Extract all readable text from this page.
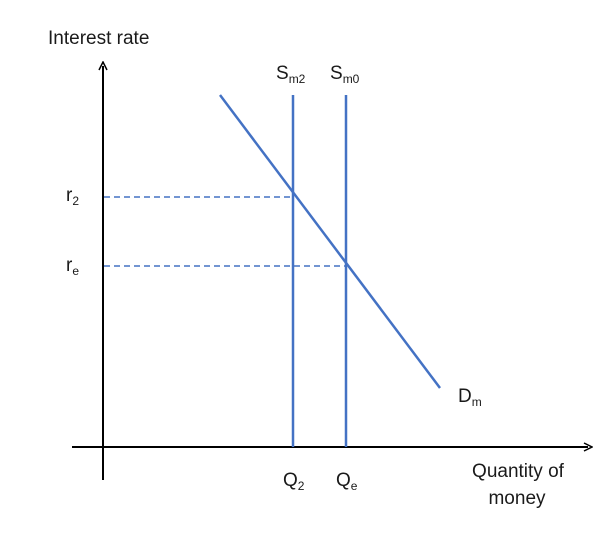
Interest rate
Quantity of
money
$S_{m2}$ $S_{m0}$
$D_m$
$r_2$
$r_e$
$Q_2$ $Q_e$
